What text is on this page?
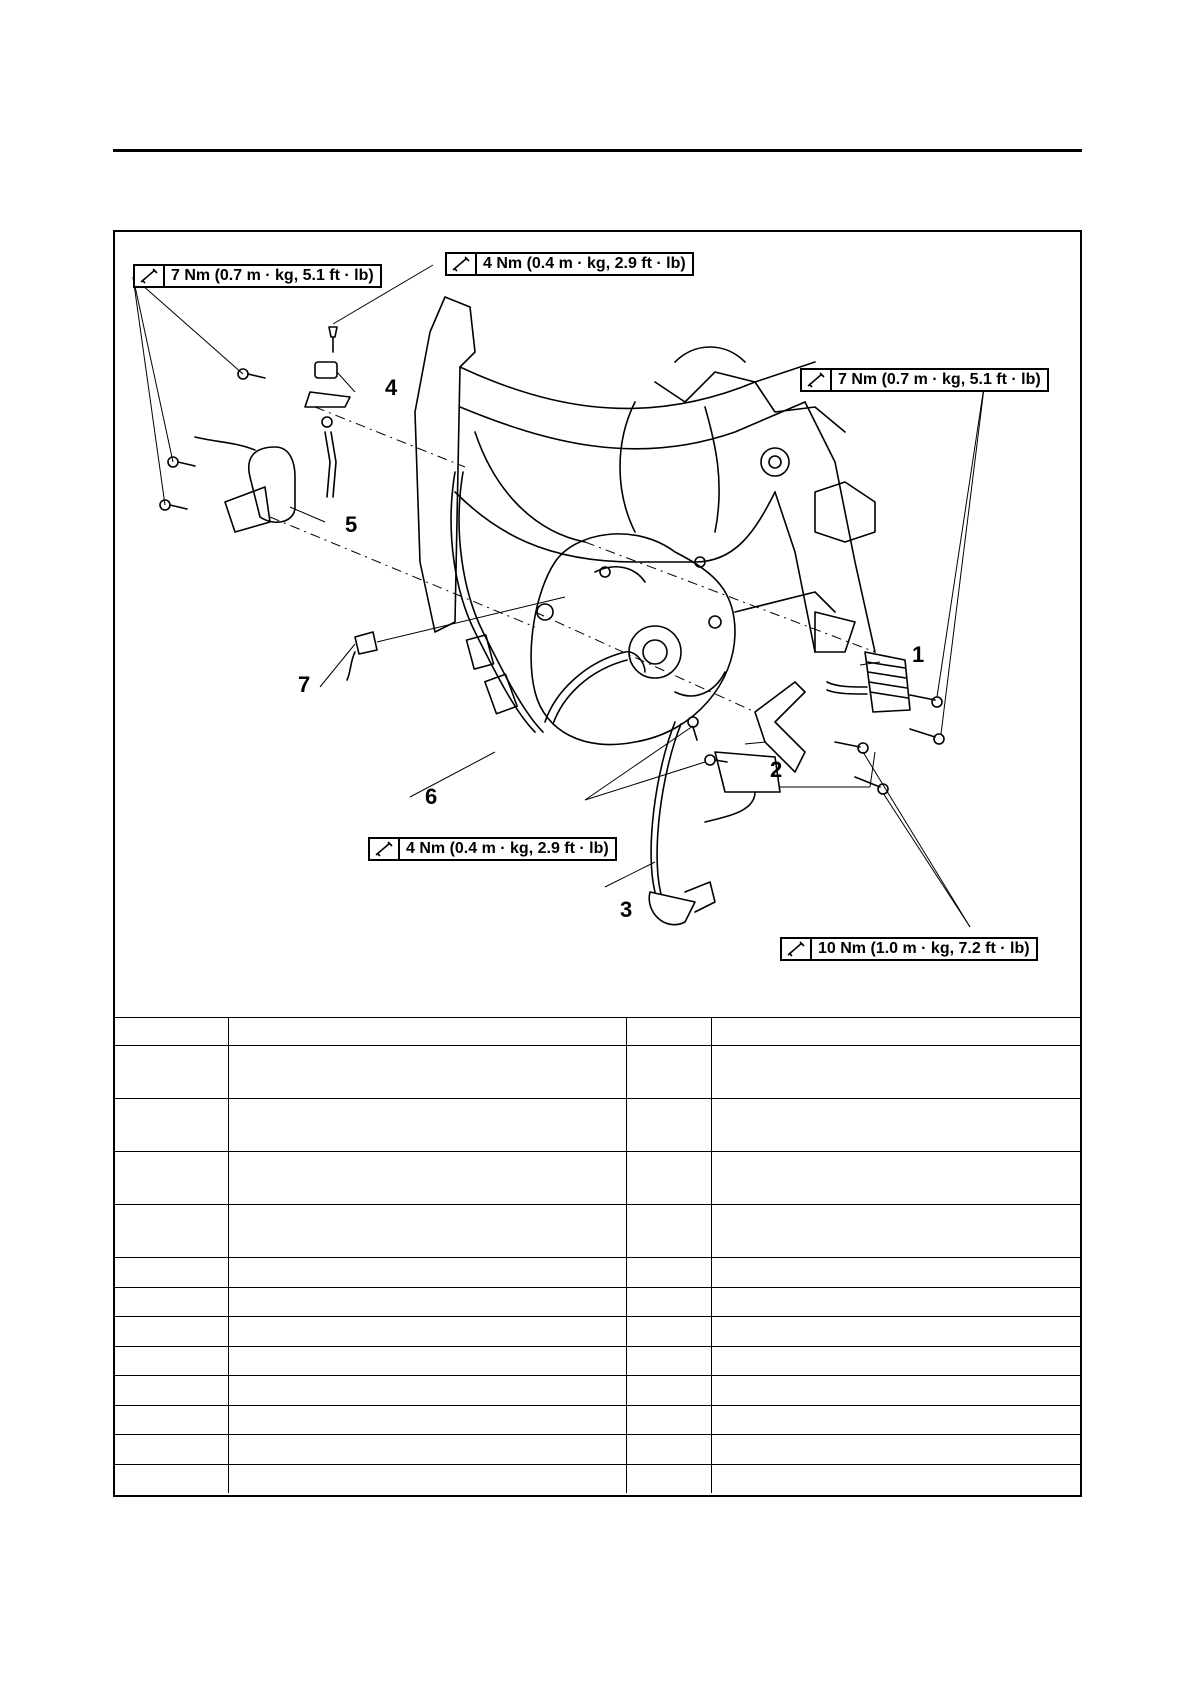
7 Nm (0.7 m · kg, 5.1 ft · lb)
4 Nm (0.4 m · kg, 2.9 ft · lb)
7 Nm (0.7 m · kg, 5.1 ft · lb)
4 Nm (0.4 m · kg, 2.9 ft · lb)
10 Nm (1.0 m · kg, 7.2 ft · lb)
1
2
3
4
5
6
7
